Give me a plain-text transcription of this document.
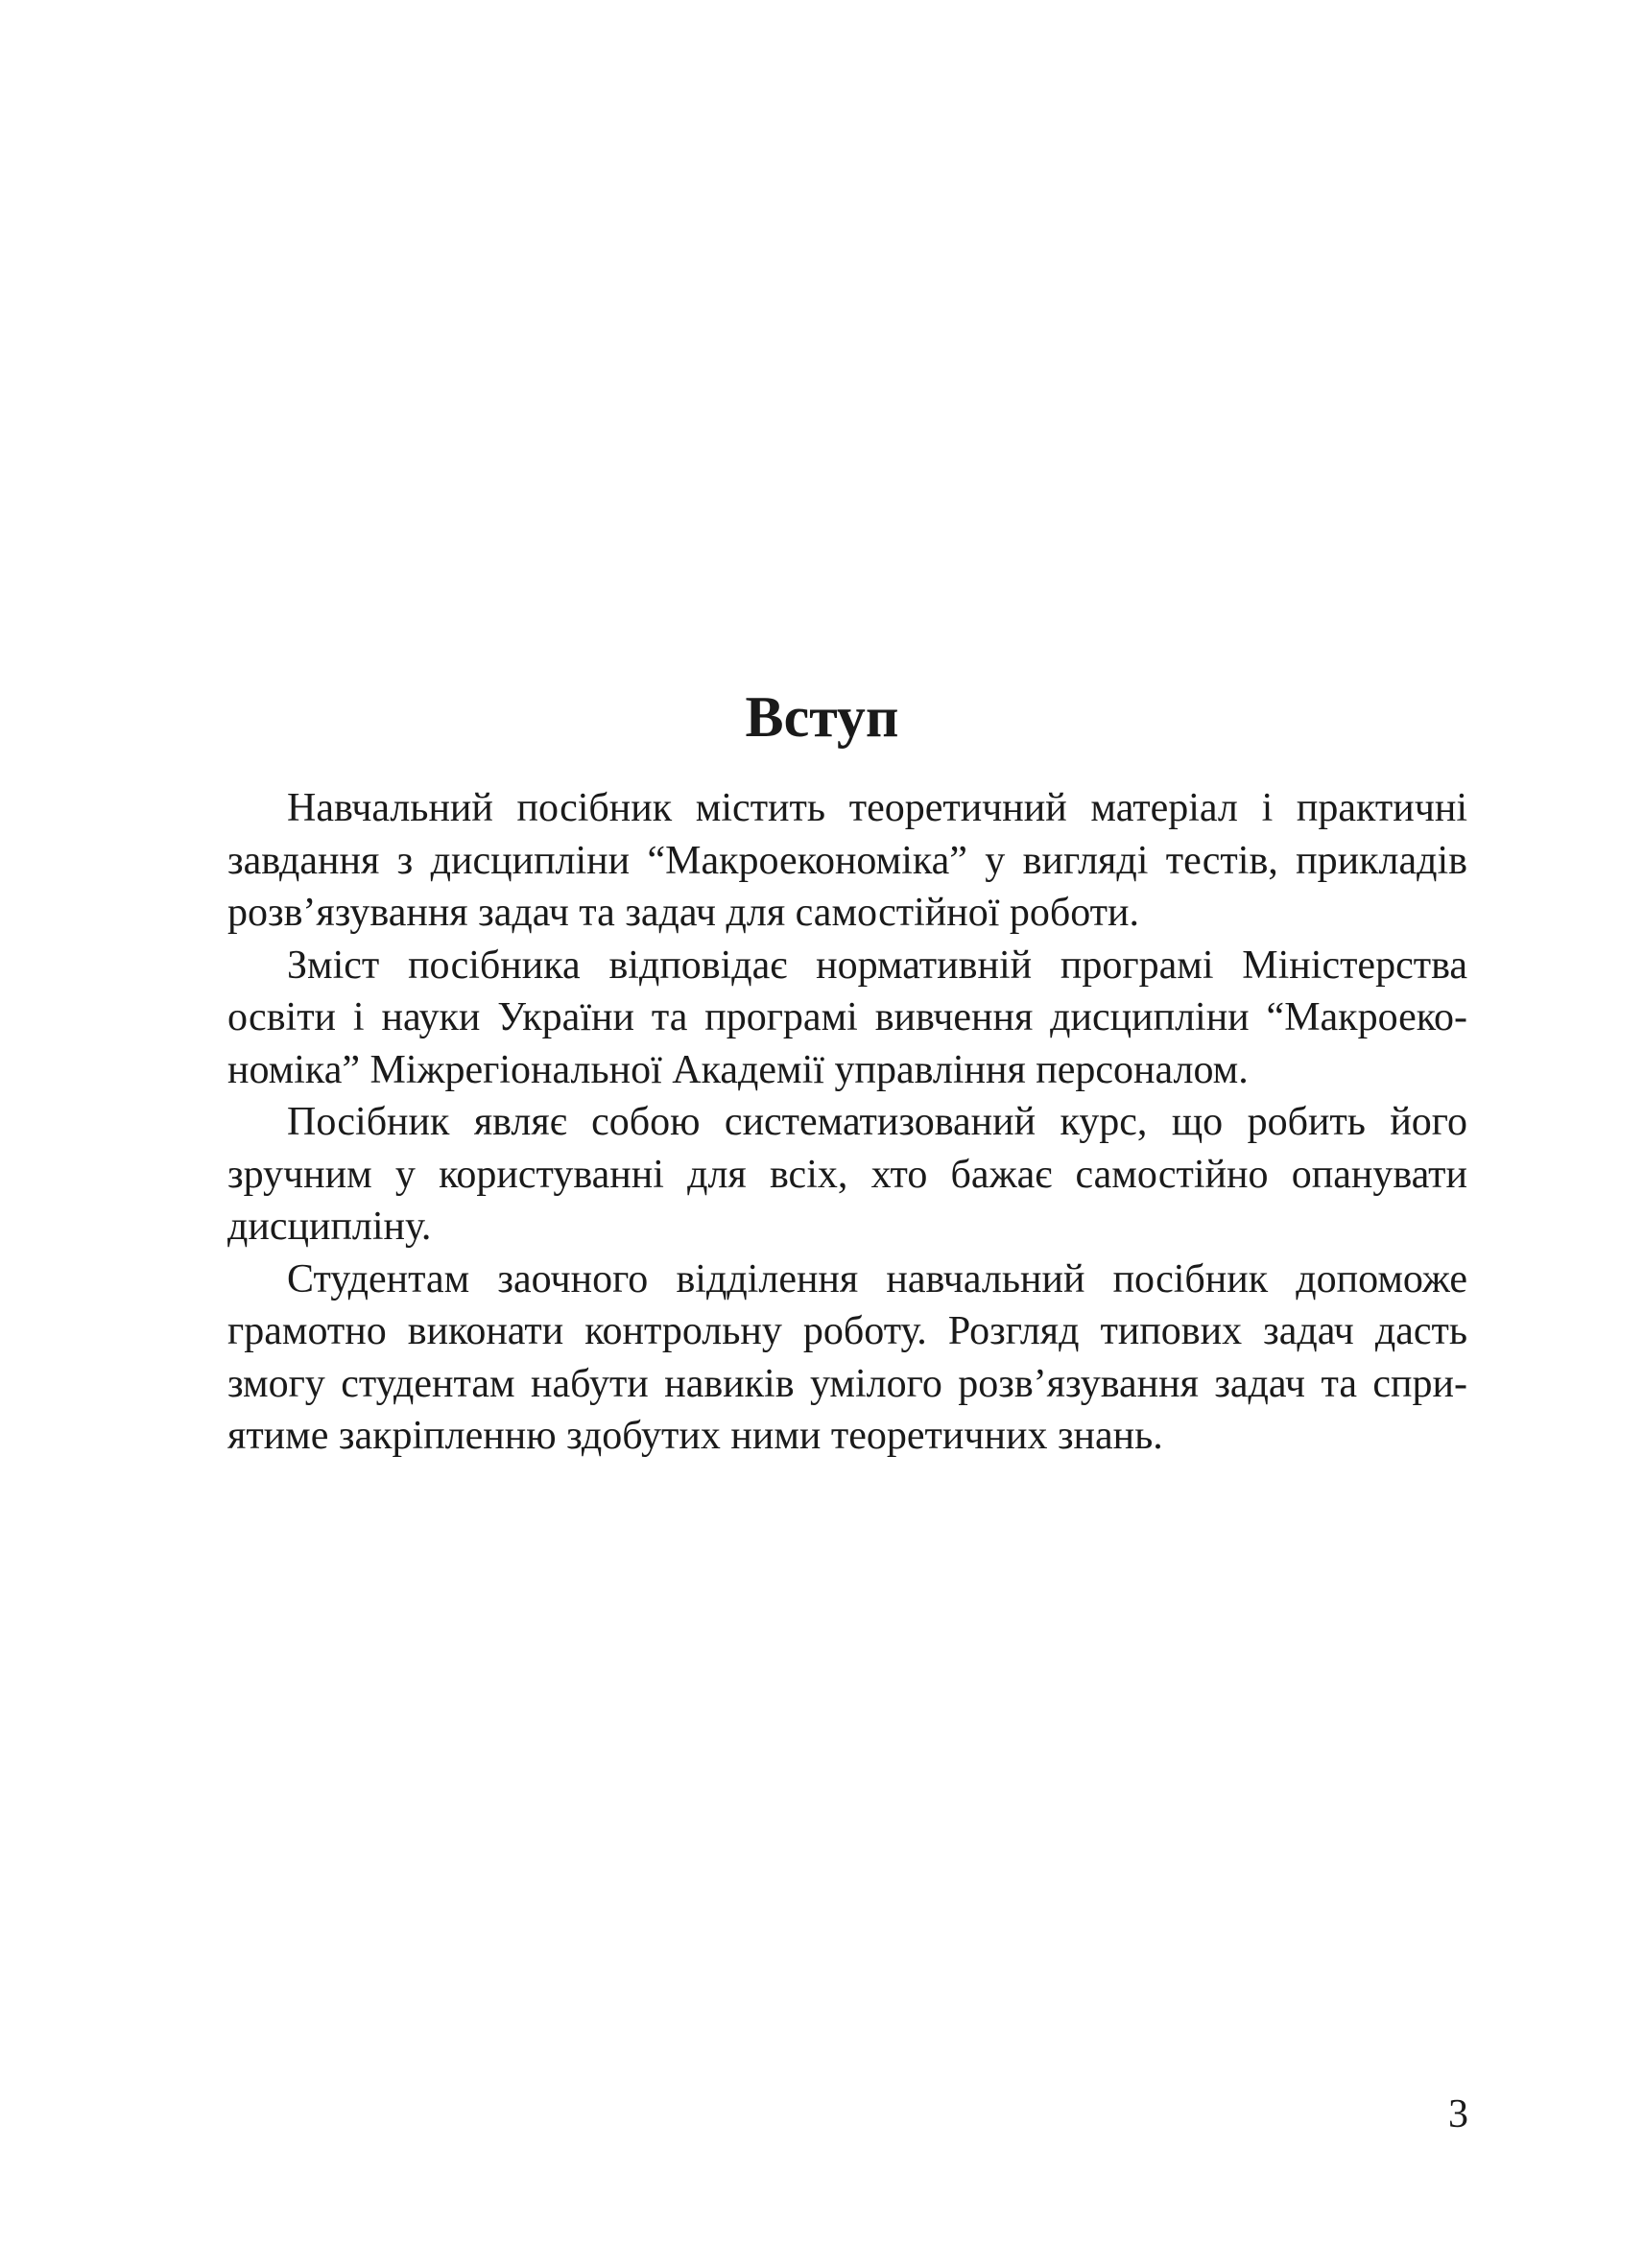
Вступ

Навчальний посібник містить теоретичний матеріал і практичні
завдання з дисципліни “Макроекономіка” у вигляді тестів, прикладів
розв’язування задач та задач для самостійної роботи.

Зміст посібника відповідає нормативній програмі Міністерства
освіти і науки України та програмі вивчення дисципліни “Макроеко-
номіка” Міжрегіональної Академії управління персоналом.

Посібник являє собою систематизований курс, що робить його
зручним у користуванні для всіх, хто бажає самостійно опанувати
дисципліну.

Студентам заочного відділення навчальний посібник допоможе
грамотно виконати контрольну роботу. Розгляд типових задач дасть
змогу студентам набути навиків умілого розв’язування задач та спри-
ятиме закріпленню здобутих ними теоретичних знань.

3
